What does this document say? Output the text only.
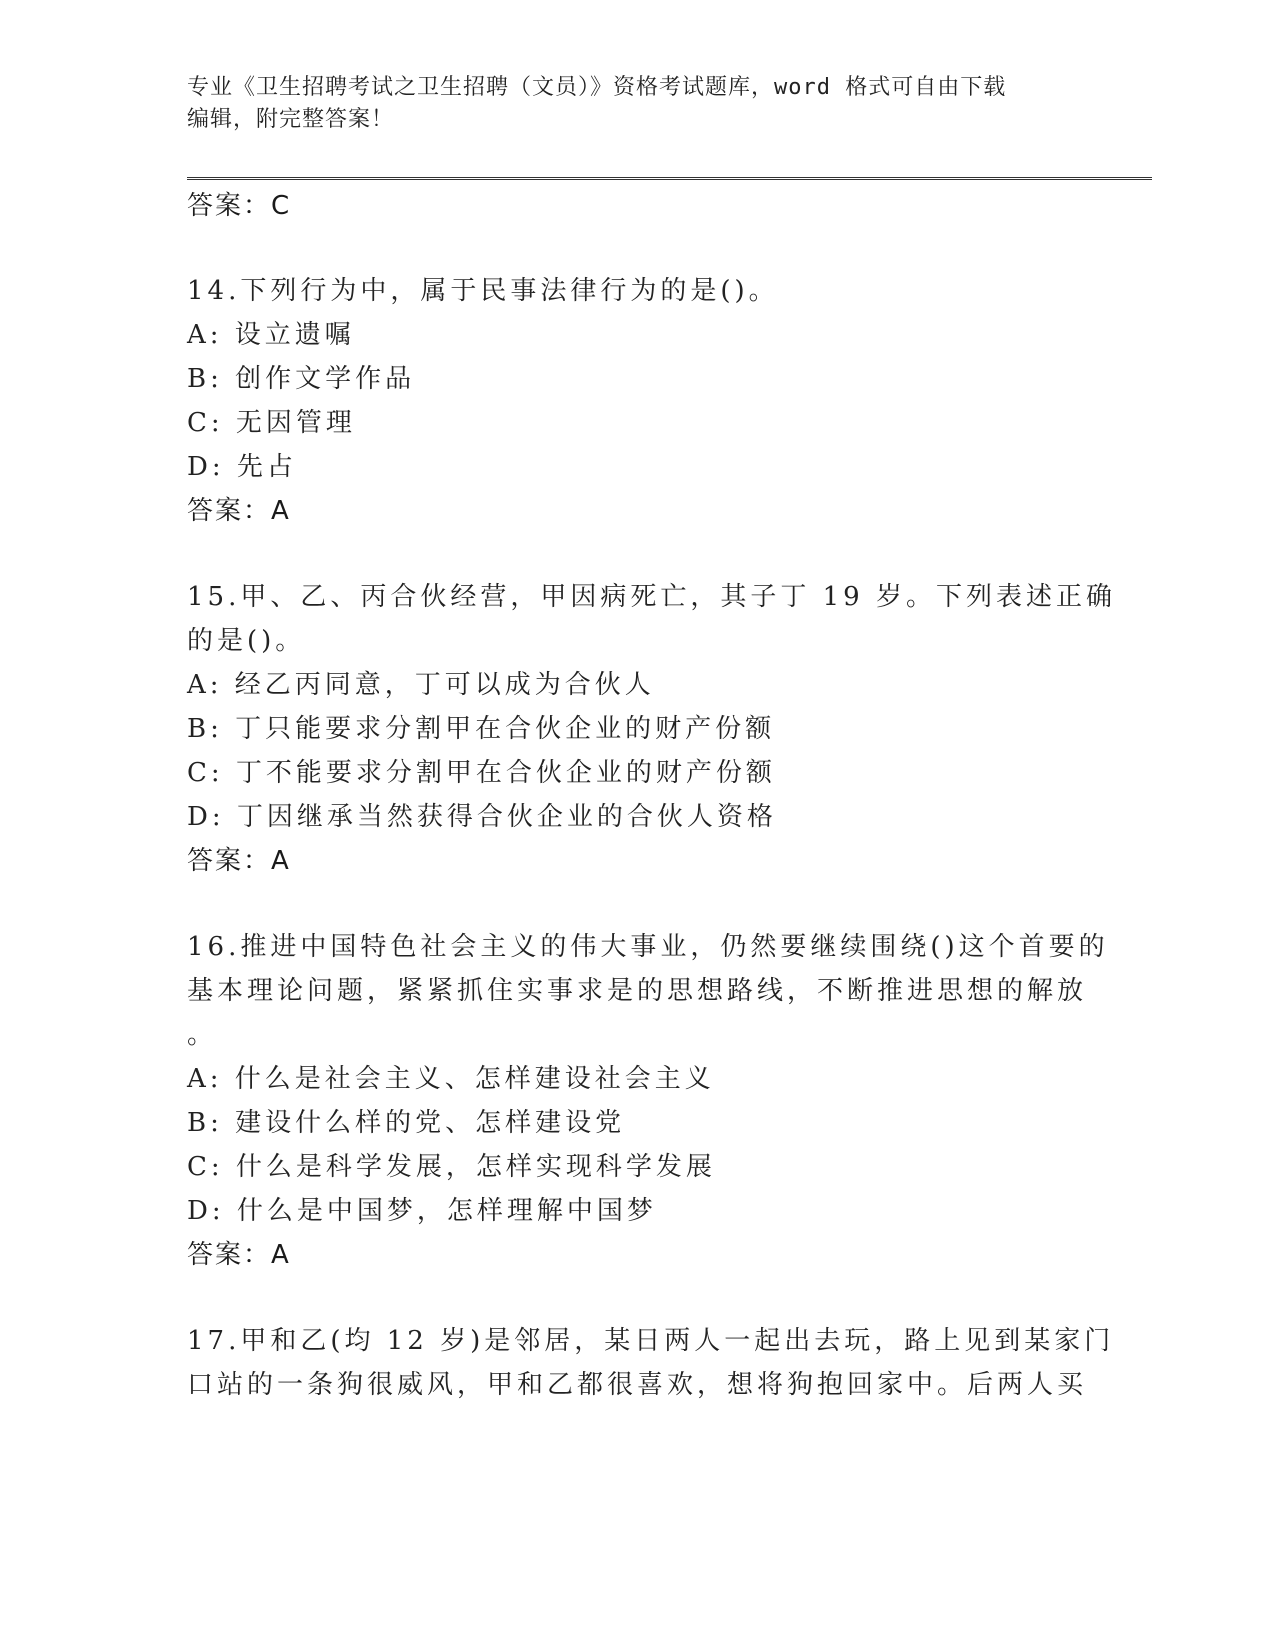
专业《卫生招聘考试之卫生招聘（文员）》资格考试题库，word 格式可自由下载
编辑，附完整答案！
答案：C
14.下列行为中，属于民事法律行为的是()。
A: 设立遗嘱
B: 创作文学作品
C: 无因管理
D: 先占
答案：A
15.甲、乙、丙合伙经营，甲因病死亡，其子丁 19 岁。下列表述正确
的是()。
A: 经乙丙同意，丁可以成为合伙人
B: 丁只能要求分割甲在合伙企业的财产份额
C: 丁不能要求分割甲在合伙企业的财产份额
D: 丁因继承当然获得合伙企业的合伙人资格
答案：A
16.推进中国特色社会主义的伟大事业，仍然要继续围绕()这个首要的
基本理论问题，紧紧抓住实事求是的思想路线，不断推进思想的解放
。
A: 什么是社会主义、怎样建设社会主义
B: 建设什么样的党、怎样建设党
C: 什么是科学发展，怎样实现科学发展
D: 什么是中国梦，怎样理解中国梦
答案：A
17.甲和乙(均 12 岁)是邻居，某日两人一起出去玩，路上见到某家门
口站的一条狗很威风，甲和乙都很喜欢，想将狗抱回家中。后两人买
